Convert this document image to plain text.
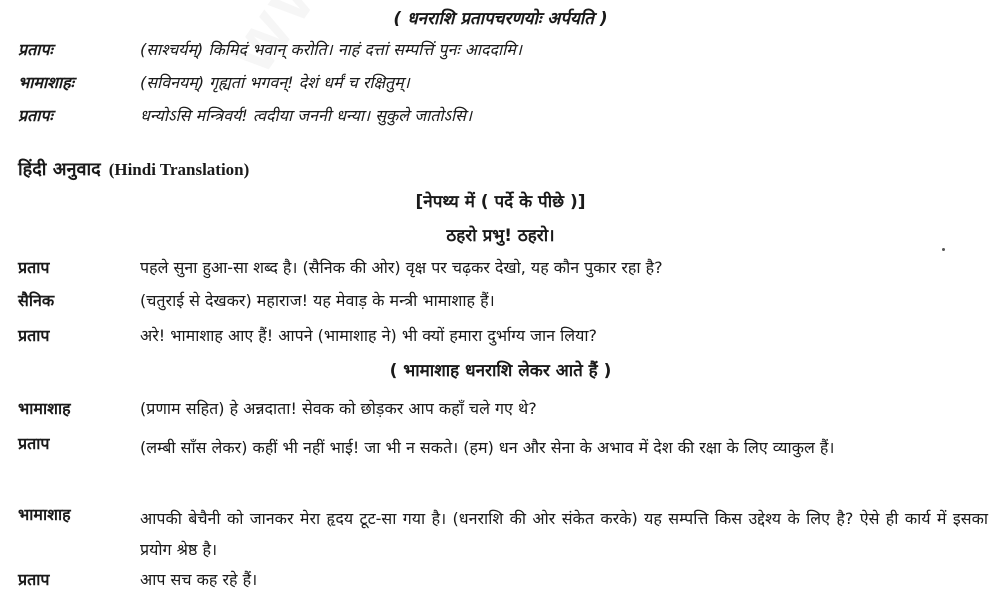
( धनराशि प्रतापचरणयोः अर्पयति )
प्रतापः	(साश्चर्यम्) किमिदं भवान् करोति। नाहं दत्तां सम्पत्तिं पुनः आददामि।
भामाशाहः	(सविनयम्) गृह्यतां भगवन्! देशं धर्मं च रक्षितुम्।
प्रतापः	धन्योऽसि मन्त्रिवर्य! त्वदीया जननी धन्या। सुकुले जातोऽसि।
हिंदी अनुवाद (Hindi Translation)
[नेपथ्य में ( पर्दे के पीछे )]
ठहरो प्रभु! ठहरो।
प्रताप	पहले सुना हुआ-सा शब्द है। (सैनिक की ओर) वृक्ष पर चढ़कर देखो, यह कौन पुकार रहा है?
सैनिक	(चतुराई से देखकर) महाराज! यह मेवाड़ के मन्त्री भामाशाह हैं।
प्रताप	अरे! भामाशाह आए हैं! आपने (भामाशाह ने) भी क्यों हमारा दुर्भाग्य जान लिया?
( भामाशाह धनराशि लेकर आते हैं )
भामाशाह	(प्रणाम सहित) हे अन्नदाता! सेवक को छोड़कर आप कहाँ चले गए थे?
प्रताप	(लम्बी साँस लेकर) कहीं भी नहीं भाई! जा भी न सकते। (हम) धन और सेना के अभाव में देश की रक्षा के लिए व्याकुल हैं।
भामाशाह	आपकी बेचैनी को जानकर मेरा हृदय टूट-सा गया है। (धनराशि की ओर संकेत करके) यह सम्पत्ति किस उद्देश्य के लिए है? ऐसे ही कार्य में इसका प्रयोग श्रेष्ठ है।
प्रताप	आप सच कह रहे हैं।
